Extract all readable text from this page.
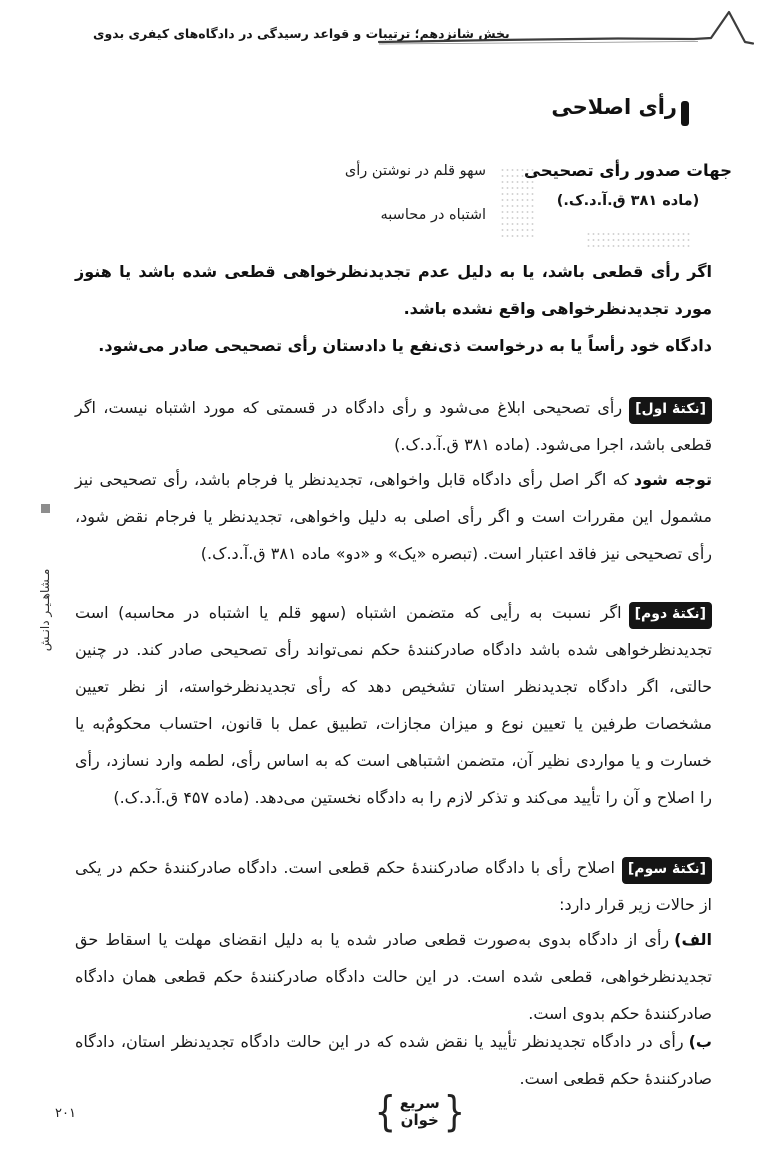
بخش شانزدهم؛ ترتیبات و قواعد رسیدگی در دادگاه‌های کیفری بدوی
رأی اصلاحی
جهات صدور رأی تصحیحی
(ماده ۳۸۱ ق.آ.د.ک.)
سهو قلم در نوشتن رأی
اشتباه در محاسبه

اگر رأی قطعی باشد، یا به دلیل عدم تجدیدنظرخواهی قطعی شده باشد یا هنوز مورد تجدیدنظرخواهی واقع نشده باشد.

دادگاه خود رأساً یا به درخواست ذی‌نفع یا دادستان رأی تصحیحی صادر می‌شود.

[نکتهٔ اول]رأی تصحیحی ابلاغ می‌شود و رأی دادگاه در قسمتی که مورد اشتباه نیست، اگر قطعی باشد، اجرا می‌شود. (ماده ۳۸۱ ق.آ.د.ک.)

توجه شودکه اگر اصل رأی دادگاه قابل واخواهی، تجدیدنظر یا فرجام باشد، رأی تصحیحی نیز مشمول این مقررات است و اگر رأی اصلی به دلیل واخواهی، تجدیدنظر یا فرجام نقض شود، رأی تصحیحی نیز فاقد اعتبار است. (تبصره «یک» و «دو» ماده ۳۸۱ ق.آ.د.ک.)

[نکتهٔ دوم]اگر نسبت به رأیی که متضمن اشتباه (سهو قلم یا اشتباه در محاسبه) است تجدیدنظرخواهی شده باشد دادگاه صادرکنندهٔ حکم نمی‌تواند رأی تصحیحی صادر کند. در چنین حالتی، اگر دادگاه تجدیدنظر استان تشخیص دهد که رأی تجدیدنظرخواسته، از نظر تعیین مشخصات طرفین یا تعیین نوع و میزان مجازات، تطبیق عمل با قانون، احتساب محکومٌ‌به یا خسارت و یا مواردی نظیر آن، متضمن اشتباهی است که به اساس رأی، لطمه وارد نسازد، رأی را اصلاح و آن را تأیید می‌کند و تذکر لازم را به دادگاه نخستین می‌دهد. (ماده ۴۵۷ ق.آ.د.ک.)

[نکتهٔ سوم]اصلاح رأی با دادگاه صادرکنندهٔ حکم قطعی است. دادگاه صادرکنندهٔ حکم در یکی از حالات زیر قرار دارد:

الف)رأی از دادگاه بدوی به‌صورت قطعی صادر شده یا به دلیل انقضای مهلت یا اسقاط حق تجدیدنظرخواهی، قطعی شده است. در این حالت دادگاه صادرکنندهٔ حکم قطعی همان دادگاه صادرکنندهٔ حکم بدوی است.

ب)رأی در دادگاه تجدیدنظر تأیید یا نقض شده که در این حالت دادگاه تجدیدنظر استان، دادگاه صادرکنندهٔ حکم قطعی است.

مـشاهـیـر دانـش
{ سریع
خوان }
۲۰۱
